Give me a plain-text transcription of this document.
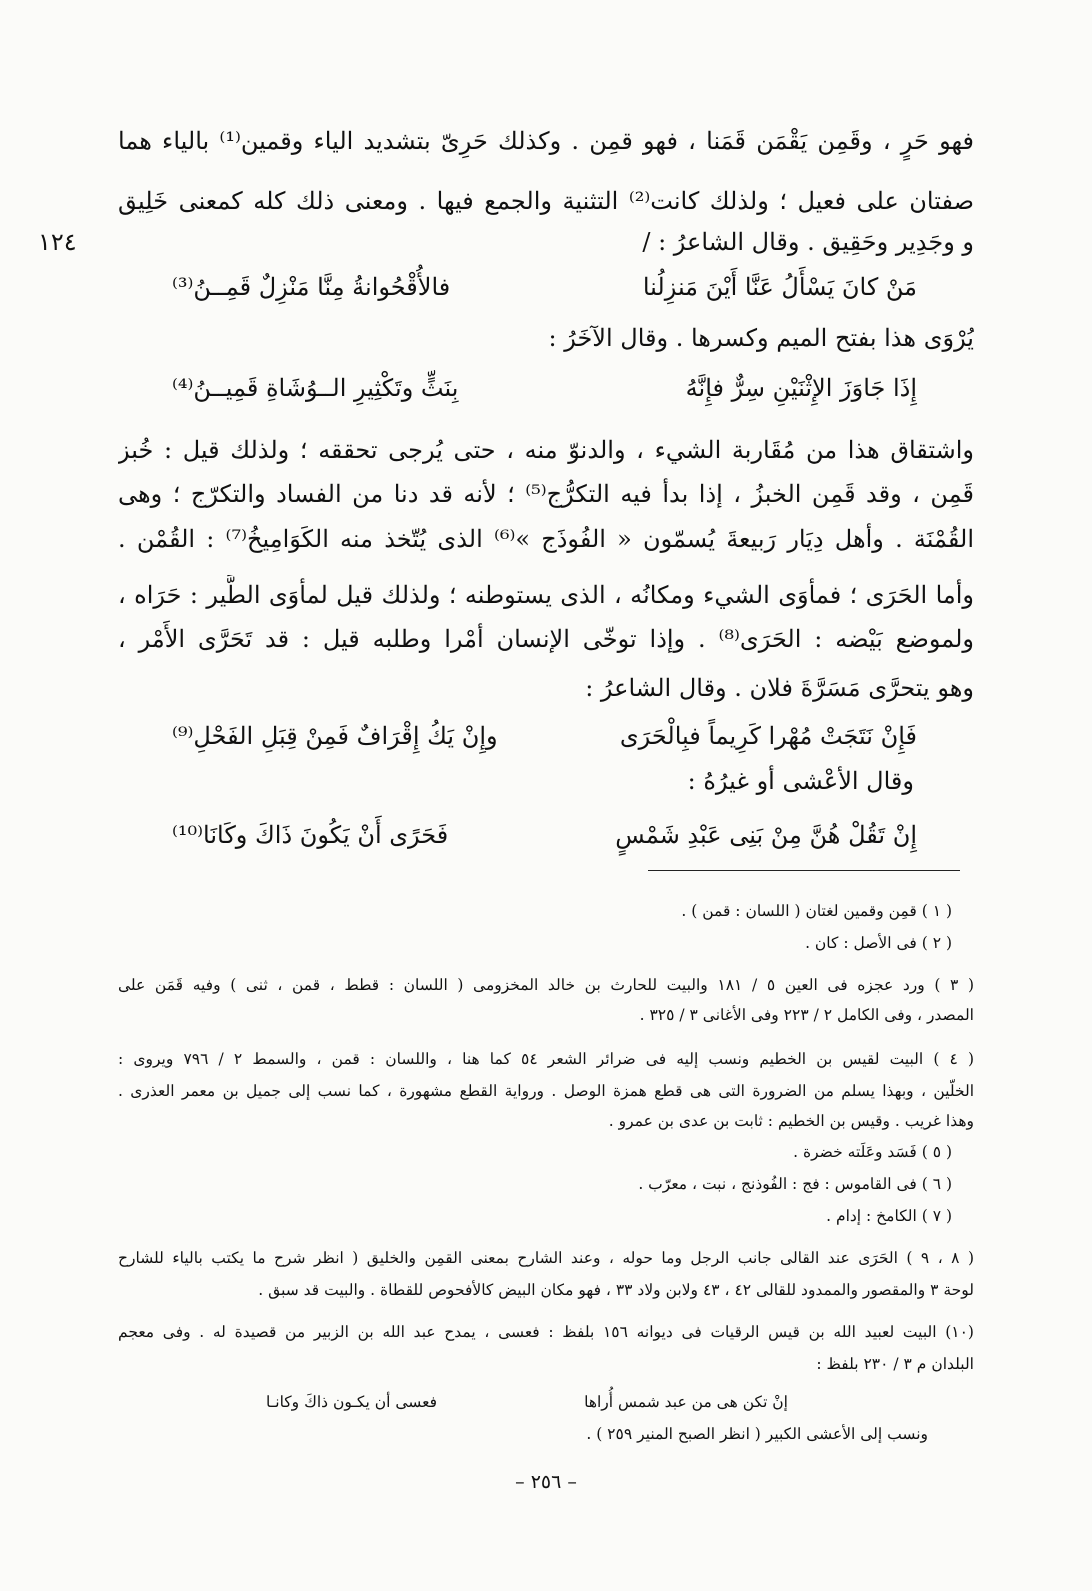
فهو حَرٍ ، وقَمِن يَقْمَن قَمَنا ، فهو قمِن . وكذلك حَرِىّ بتشديد الياء وقمين⁽¹⁾ بالياء هما
صفتان على فعيل ؛ ولذلك كانت⁽²⁾ التثنية والجمع فيها . ومعنى ذلك كله كمعنى خَلِيق
و وجَدِير وحَقِيق . وقال الشاعرُ : /
١٢٤
مَنْ كانَ يَسْأَلُ عَنَّا أَيْنَ مَنزِلُنا
فالأُقْحُوانةُ مِنَّا مَنْزِلٌ قَمِــنُ⁽³⁾
يُرْوَى هذا بفتح الميم وكسرها . وقال الآخَرُ :
إِذَا جَاوَزَ الإِثْنَيْنِ سِرٌّ فإِنَّهُ
بِنَثٍّ وتَكْثِيرِ الــوُشَاةِ قَمِيــنُ⁽⁴⁾
واشتقاق هذا من مُقَاربة الشيء ، والدنوّ منه ، حتى يُرجى تحققه ؛ ولذلك قيل : خُبز
قَمِن ، وقد قَمِن الخبزُ ، إذا بدأ فيه التكرُّج⁽⁵⁾ ؛ لأنه قد دنا من الفساد والتكرّج ؛ وهى
القُمْنَة . وأهل دِيَار رَبيعةَ يُسمّون « الفُوذَج »⁽⁶⁾ الذى يُتّخذ منه الكَوَامِيخُ⁽⁷⁾ : القُمْن .
وأما الحَرَى ؛ فمأوَى الشيء ومكانُه ، الذى يستوطنه ؛ ولذلك قيل لمأوَى الطَّير : حَرَاه ،
ولموضع بَيْضه : الحَرَى⁽⁸⁾ . وإذا توخّى الإنسان أمْرا وطلبه قيل : قد تَحَرَّى الأَمْر ،
وهو يتحرَّى مَسَرَّةَ فلان . وقال الشاعرُ :
فَإِنْ نَتَجَتْ مُهْرا كَرِيماً فبِالْحَرَى
وإِنْ يَكُ إِقْرَافٌ فَمِنْ قِبَلِ الفَحْلِ⁽⁹⁾
وقال الأعْشى أو غيرُهُ :
إِنْ تَقُلْ هُنَّ مِنْ بَنِى عَبْدِ شَمْسٍ
فَحَرًى أَنْ يَكُونَ ذَاكَ وكَانَا⁽¹⁰⁾
( ١ ) قمِن وقمين لغتان ( اللسان : قمن ) .
( ٢ ) فى الأصل : كان .
( ٣ ) ورد عجزه فى العين ٥ / ١٨١ والبيت للحارث بن خالد المخزومى ( اللسان : قطط ، قمن ، ثنى ) وفيه قَمَن على
المصدر ، وفى الكامل ٢ / ٢٢٣ وفى الأغانى ٣ / ٣٢٥ .
( ٤ ) البيت لقيس بن الخطيم ونسب إليه فى ضرائر الشعر ٥٤ كما هنا ، واللسان : قمن ، والسمط ٢ / ٧٩٦ ويروى :
الخلّين ، وبهذا يسلم من الضرورة التى هى قطع همزة الوصل . ورواية القطع مشهورة ، كما نسب إلى جميل بن معمر العذرى .
وهذا غريب . وقيس بن الخطيم : ثابت بن عدى بن عمرو .
( ٥ ) فَسَد وعَلَته خضرة .
( ٦ ) فى القاموس : فج : الفُوذنج ، نبت ، معرّب .
( ٧ ) الكامخ : إدام .
( ٨ ، ٩ ) الحَرَى عند القالى جانب الرجل وما حوله ، وعند الشارح بمعنى القمِن والخليق ( انظر شرح ما يكتب بالياء للشارح
لوحة ٣ والمقصور والممدود للقالى ٤٢ ، ٤٣ ولابن ولاد ٣٣ ، فهو مكان البيض كالأفحوص للقطاة . والبيت قد سبق .
(١٠) البيت لعبيد الله بن قيس الرقيات فى ديوانه ١٥٦ بلفظ : فعسى ، يمدح عبد الله بن الزبير من قصيدة له . وفى معجم
البلدان م ٣ / ٢٣٠ بلفظ :
إنْ تكن هى من عبد شمس أُراها
فعسى أن يكـون ذاكَ وكانـا
ونسب إلى الأعشى الكبير ( انظر الصبح المنير ٢٥٩ ) .
– ٢٥٦ –
